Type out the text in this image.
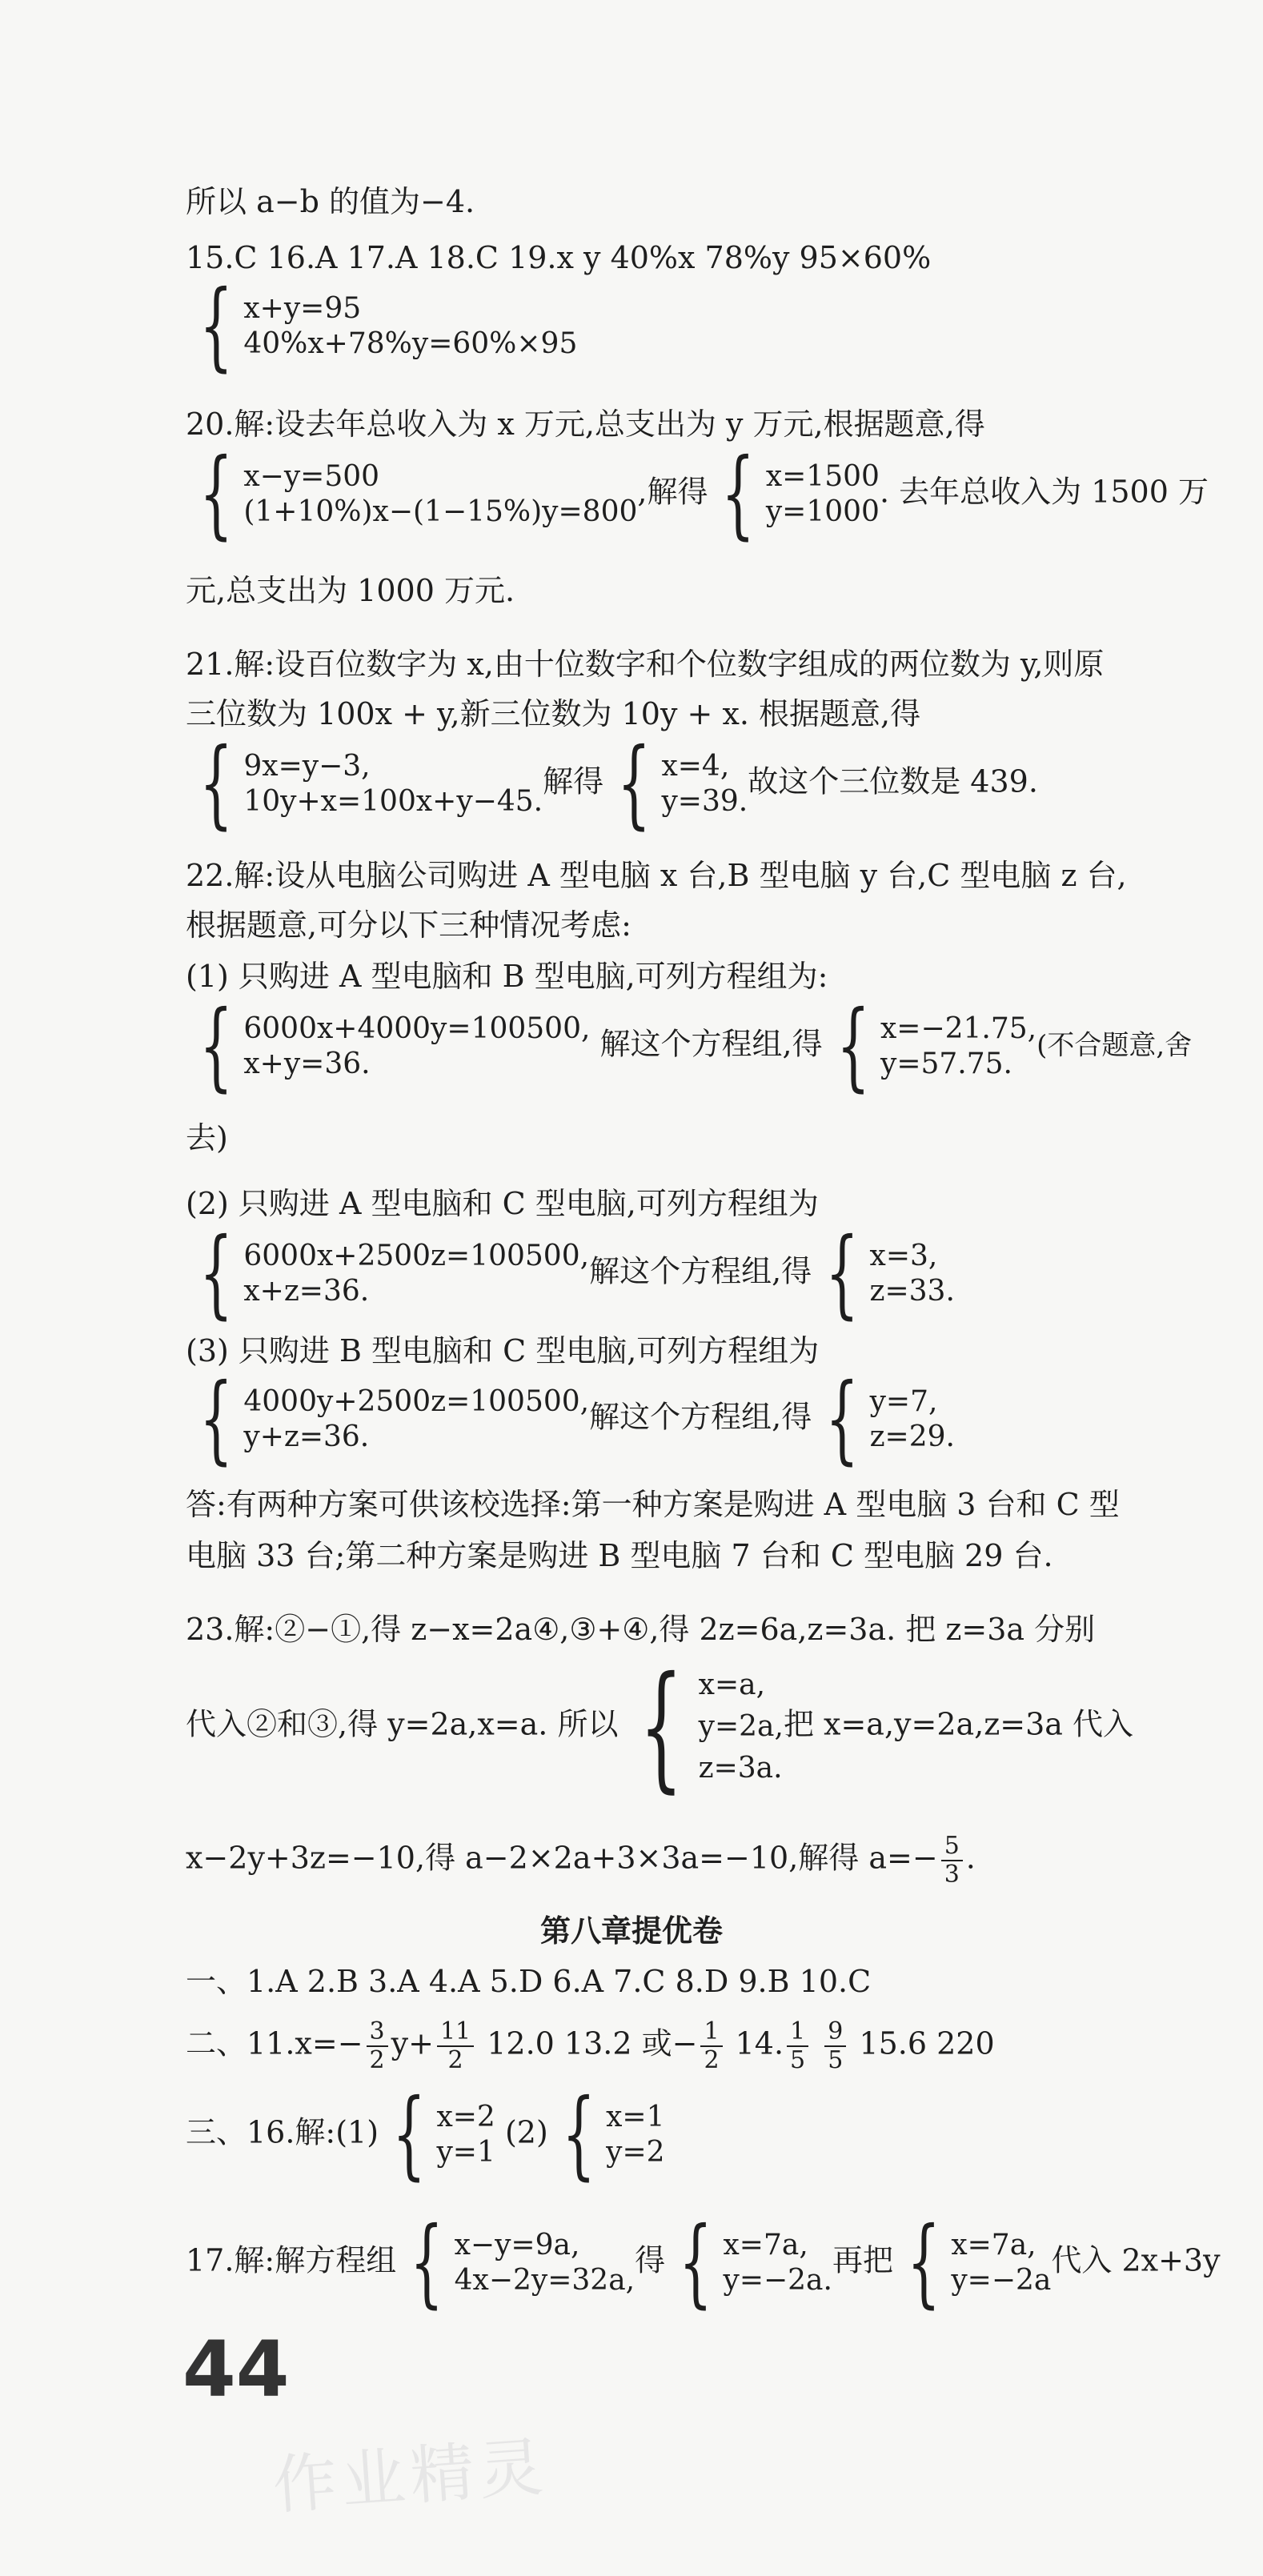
所以 a−b 的值为−4.
15.C 16.A 17.A 18.C 19.x y 40%x 78%y 95×60%
{ x+y=95
40%x+78%y=60%×95
20.解:设去年总收入为 x 万元,总支出为 y 万元,根据题意,得
{ x−y=500
(1+10%)x−(1−15%)y=800
,解得 { x=1500
y=1000
. 去年总收入为 1500 万
元,总支出为 1000 万元.
21.解:设百位数字为 x,由十位数字和个位数字组成的两位数为 y,则原
三位数为 100x + y,新三位数为 10y + x. 根据题意,得
{ 9x=y−3,
10y+x=100x+y−45.
解得 { x=4,
y=39.
故这个三位数是 439.
22.解:设从电脑公司购进 A 型电脑 x 台,B 型电脑 y 台,C 型电脑 z 台,
根据题意,可分以下三种情况考虑:
(1) 只购进 A 型电脑和 B 型电脑,可列方程组为:
{ 6000x+4000y=100500,
x+y=36.
解这个方程组,得 { x=−21.75,
y=57.75.
(不合题意,舍
去)
(2) 只购进 A 型电脑和 C 型电脑,可列方程组为
{ 6000x+2500z=100500,
x+z=36.
解这个方程组,得 { x=3,
z=33.
(3) 只购进 B 型电脑和 C 型电脑,可列方程组为
{ 4000y+2500z=100500,
y+z=36.
解这个方程组,得 { y=7,
z=29.
答:有两种方案可供该校选择:第一种方案是购进 A 型电脑 3 台和 C 型
电脑 33 台;第二种方案是购进 B 型电脑 7 台和 C 型电脑 29 台.
23.解:②−①,得 z−x=2a④,③+④,得 2z=6a,z=3a. 把 z=3a 分别
代入②和③,得 y=2a,x=a. 所以 { x=a,
y=2a,
z=3a.
把 x=a,y=2a,z=3a 代入
x−2y+3z=−10,得 a−2×2a+3×3a=−10,解得 $a=- \frac{5}{3}$ .
第八章提优卷
一、1.A 2.B 3.A 4.A 5.D 6.A 7.C 8.D 9.B 10.C
二、$11.x=- \frac{3}{2} y+ \frac{11}{2} 12.0$ 13.2 或− $\frac{1}{2} 14$. $\frac{1}{5}$
$\frac{9}{5} 15.6$ 220
三、16.解:(1) { x=2
y=1
(2) { x=1
y=2
17.解:解方程组 { x−y=9a,
4x−2y=32a,
得 { x=7a,
y=−2a.
再把 { x=7a,
y=−2a
代入 2x+3y
44
作业精灵
